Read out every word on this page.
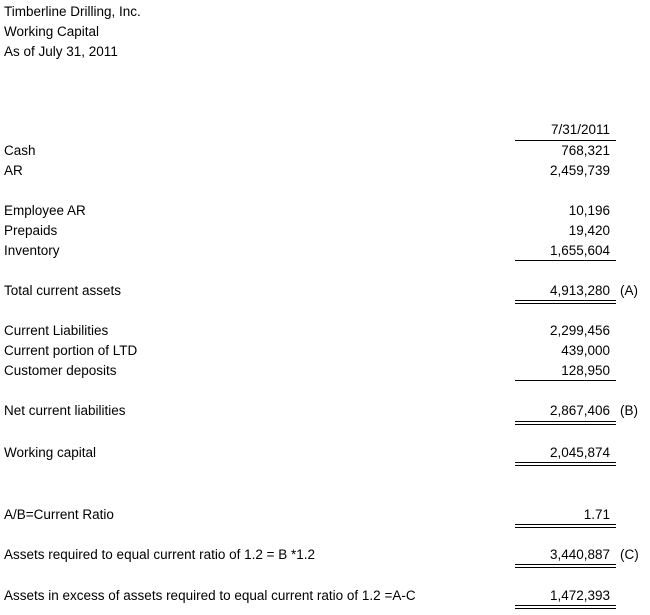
Timberline Drilling, Inc.
Working Capital
As of July 31, 2011
7/31/2011
Cash	768,321
AR	2,459,739
Employee AR	10,196
Prepaids	19,420
Inventory	1,655,604
Total current assets	4,913,280 (A)
Current Liabilities	2,299,456
Current portion of LTD	439,000
Customer deposits	128,950
Net current liabilities	2,867,406 (B)
Working capital	2,045,874
A/B=Current Ratio	1.71
Assets required to equal current ratio of 1.2 = B *1.2	3,440,887 (C)
Assets in excess of assets required to equal current ratio of 1.2 =A-C	1,472,393
